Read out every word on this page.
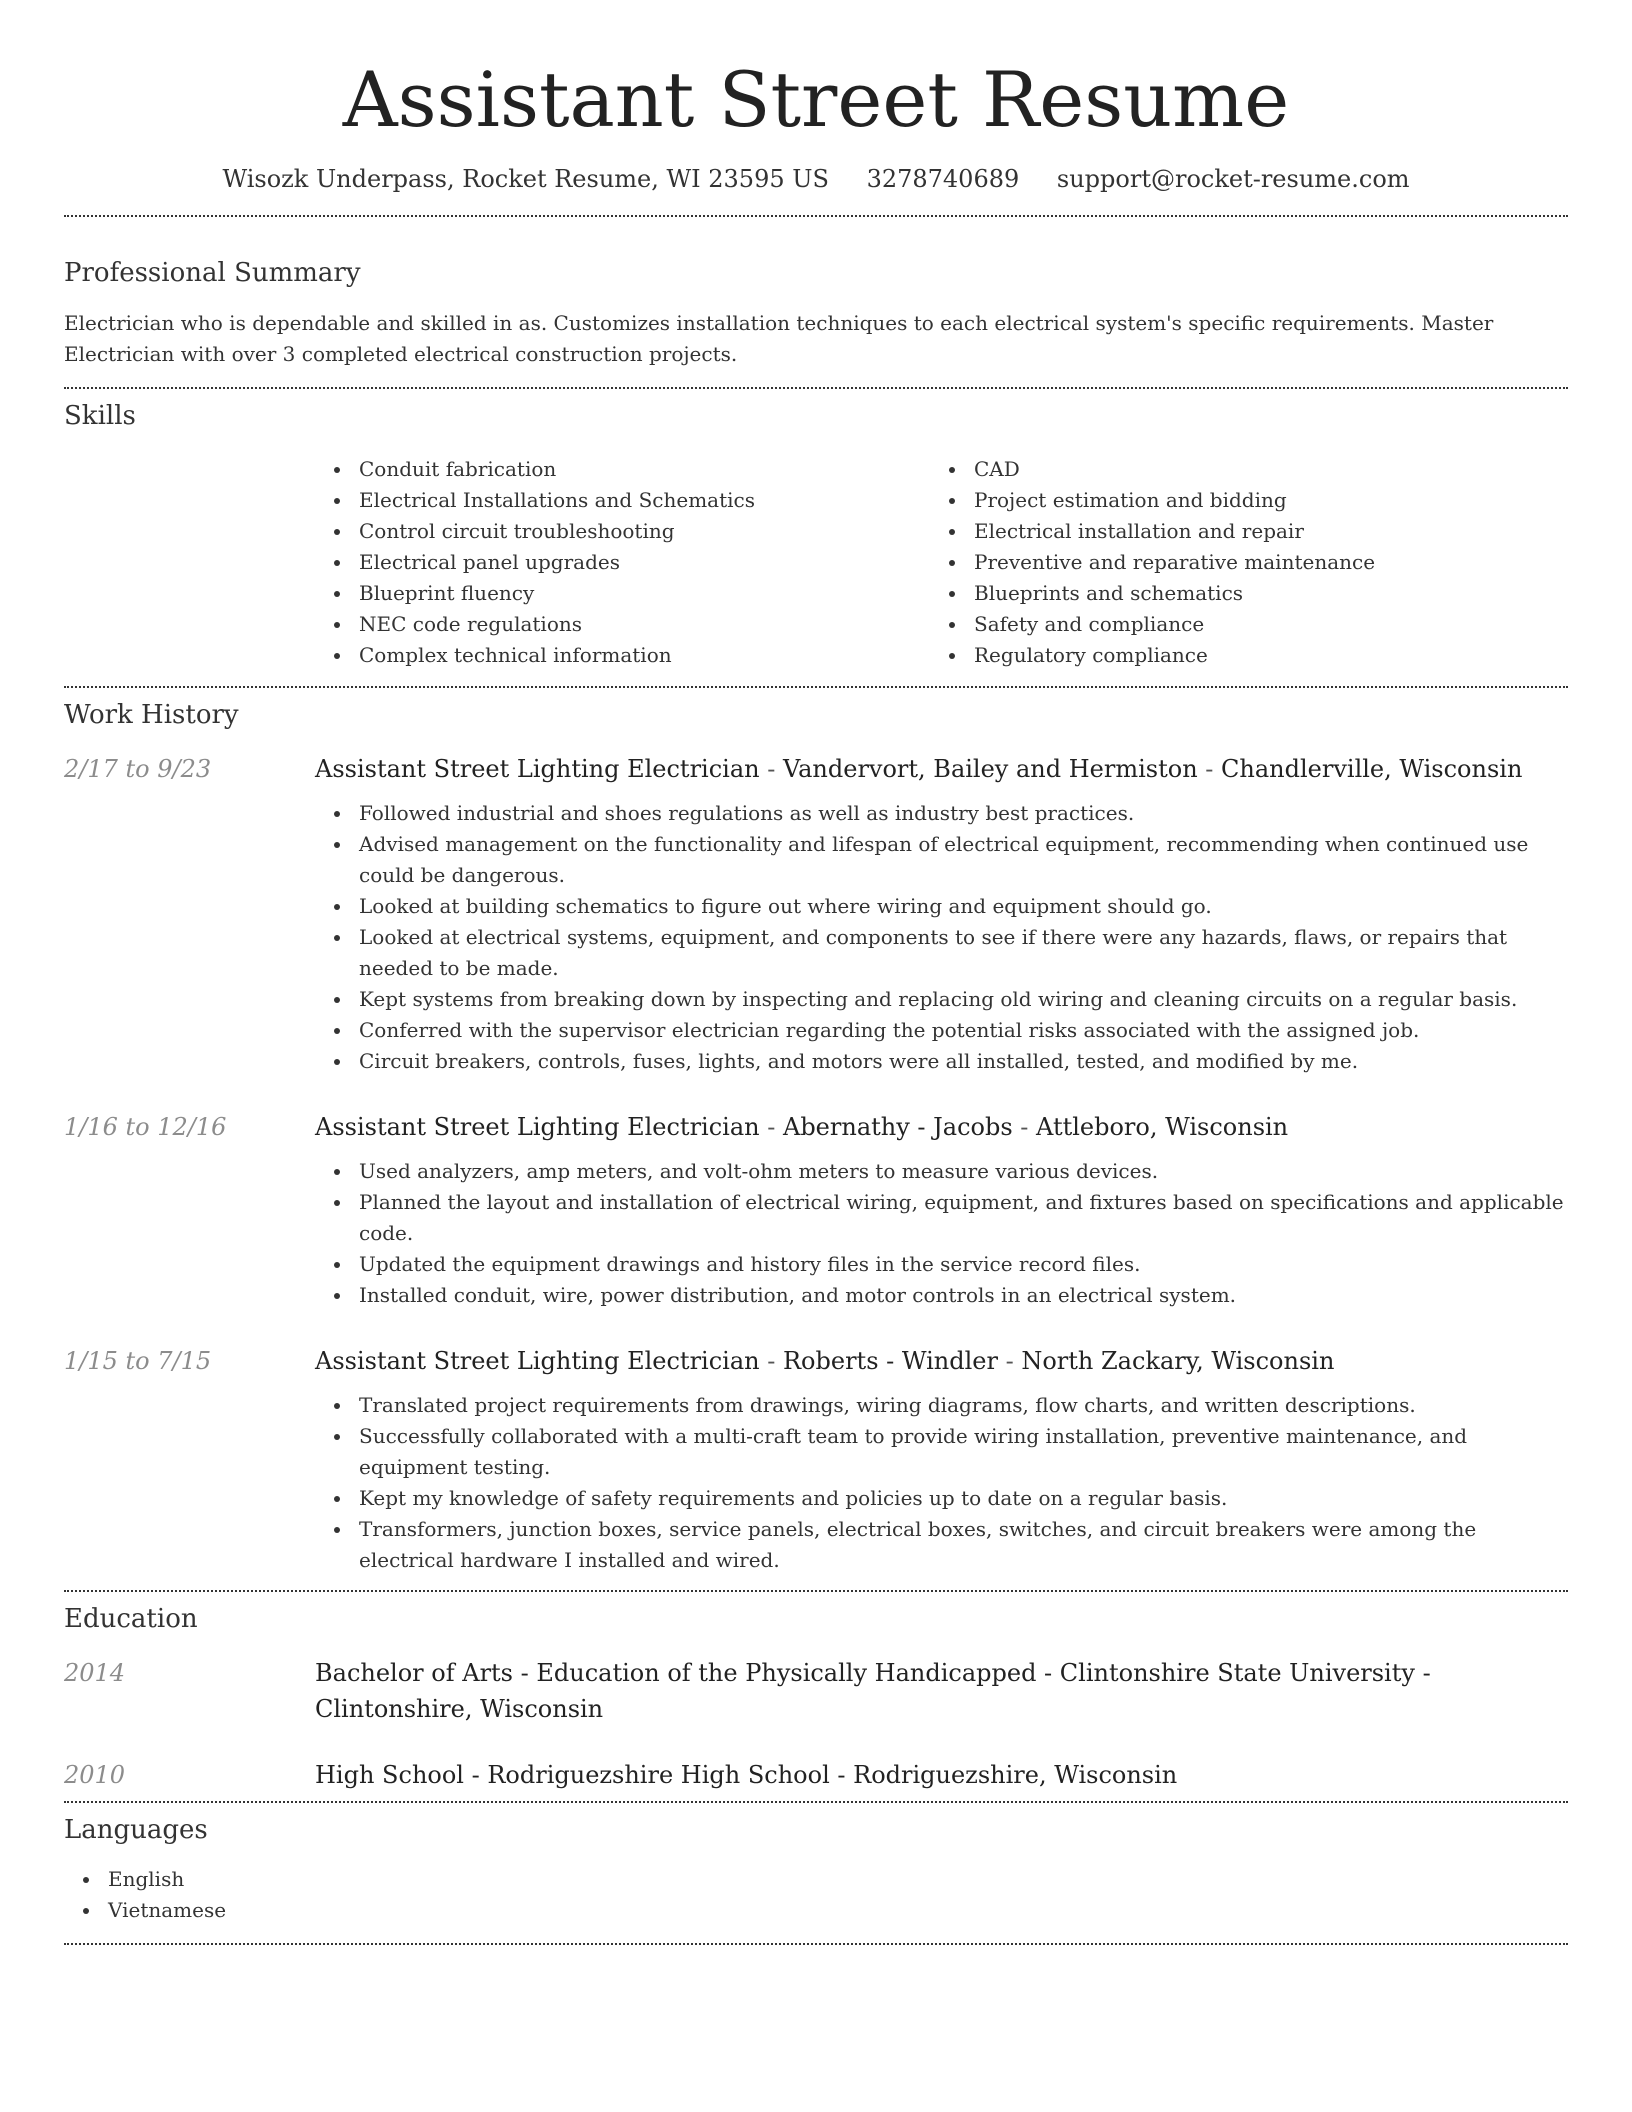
Assistant Street Resume
Wisozk Underpass, Rocket Resume, WI 23595 US 3278740689 support@rocket-resume.com
Professional Summary

Electrician who is dependable and skilled in as. Customizes installation techniques to each electrical system's specific requirements. Master Electrician with over 3 completed electrical construction projects.

Skills
Conduit fabrication
Electrical Installations and Schematics
Control circuit troubleshooting
Electrical panel upgrades
Blueprint fluency
NEC code regulations
Complex technical information
CAD
Project estimation and bidding
Electrical installation and repair
Preventive and reparative maintenance
Blueprints and schematics
Safety and compliance
Regulatory compliance
Work History
2/17 to 9/23	Assistant Street Lighting Electrician - Vandervort, Bailey and Hermiston - Chandlerville, Wisconsin

Followed industrial and shoes regulations as well as industry best practices.
Advised management on the functionality and lifespan of electrical equipment, recommending when continued use could be dangerous.
Looked at building schematics to figure out where wiring and equipment should go.
Looked at electrical systems, equipment, and components to see if there were any hazards, flaws, or repairs that needed to be made.
Kept systems from breaking down by inspecting and replacing old wiring and cleaning circuits on a regular basis.
Conferred with the supervisor electrician regarding the potential risks associated with the assigned job.
Circuit breakers, controls, fuses, lights, and motors were all installed, tested, and modified by me.
1/16 to 12/16	Assistant Street Lighting Electrician - Abernathy - Jacobs - Attleboro, Wisconsin

Used analyzers, amp meters, and volt-ohm meters to measure various devices.
Planned the layout and installation of electrical wiring, equipment, and fixtures based on specifications and applicable code.
Updated the equipment drawings and history files in the service record files.
Installed conduit, wire, power distribution, and motor controls in an electrical system.
1/15 to 7/15	Assistant Street Lighting Electrician - Roberts - Windler - North Zackary, Wisconsin

Translated project requirements from drawings, wiring diagrams, flow charts, and written descriptions.
Successfully collaborated with a multi-craft team to provide wiring installation, preventive maintenance, and equipment testing.
Kept my knowledge of safety requirements and policies up to date on a regular basis.
Transformers, junction boxes, service panels, electrical boxes, switches, and circuit breakers were among the electrical hardware I installed and wired.
Education
2014	Bachelor of Arts - Education of the Physically Handicapped - Clintonshire State University - Clintonshire, Wisconsin

2010	High School - Rodriguezshire High School - Rodriguezshire, Wisconsin

Languages
English
Vietnamese
